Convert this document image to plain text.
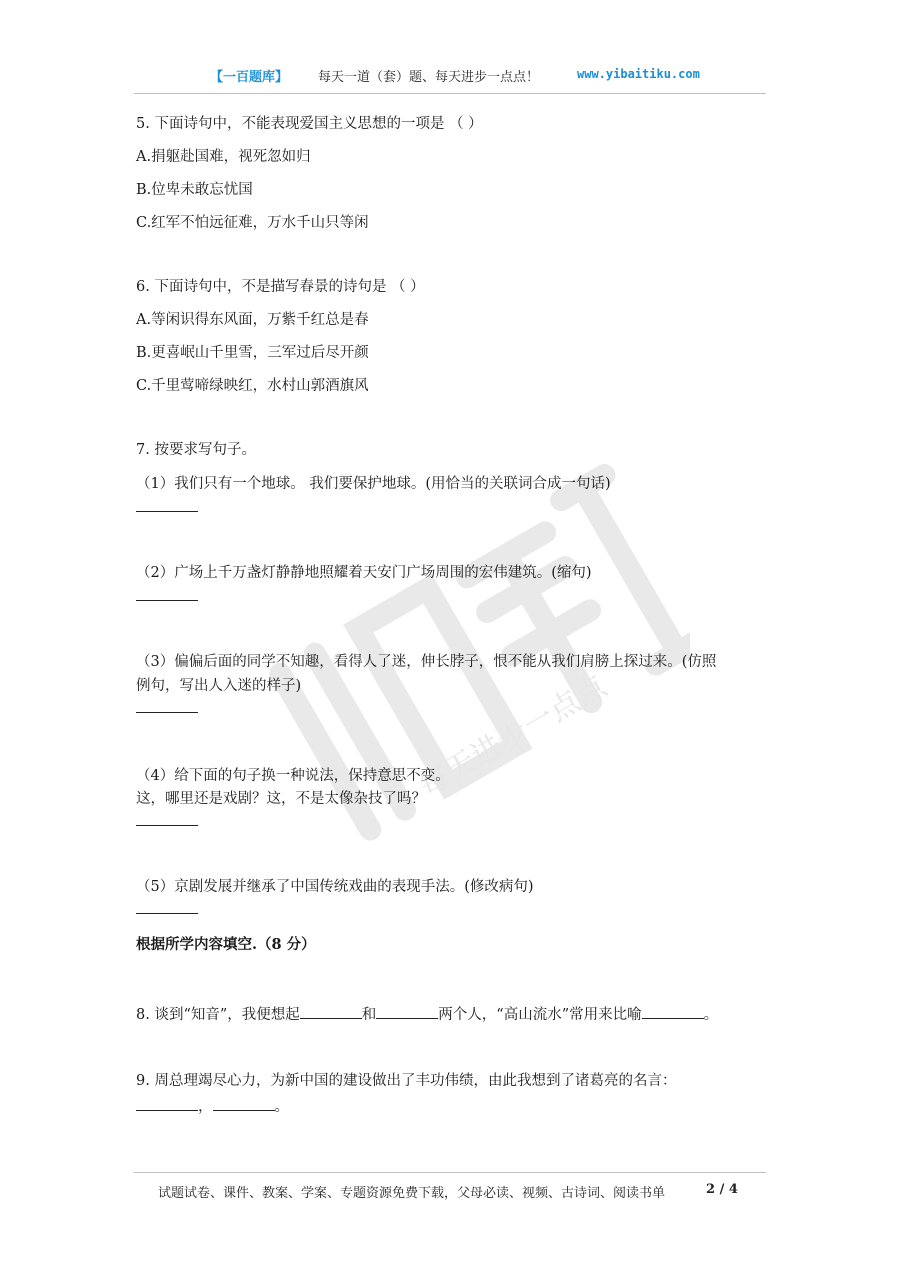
【一百题库】 每天一道（套）题、每天进步一点点！	www.yibaitiku.com
每天进步一点点
5. 下面诗句中，不能表现爱国主义思想的一项是 （ ）
A.捐躯赴国难，视死忽如归
B.位卑未敢忘忧国
C.红军不怕远征难，万水千山只等闲
6. 下面诗句中，不是描写春景的诗句是 （ ）
A.等闲识得东风面，万紫千红总是春
B.更喜岷山千里雪，三军过后尽开颜
C.千里莺啼绿映红，水村山郭酒旗风
7. 按要求写句子。
（1）我们只有一个地球。 我们要保护地球。(用恰当的关联词合成一句话)
（2）广场上千万盏灯静静地照耀着天安门广场周围的宏伟建筑。(缩句)
（3）偏偏后面的同学不知趣，看得人了迷，伸长脖子，恨不能从我们肩膀上探过来。(仿照
例句，写出人入迷的样子)
（4）给下面的句子换一种说法，保持意思不变。
这，哪里还是戏剧？这，不是太像杂技了吗？
（5）京剧发展并继承了中国传统戏曲的表现手法。(修改病句)
根据所学内容填空.（8 分）
8. 谈到“知音”，我便想起	和	两个人，“高山流水”常用来比喻	。
9. 周总理竭尽心力，为新中国的建设做出了丰功伟绩，由此我想到了诸葛亮的名言：
，	。
试题试卷、课件、教案、学案、专题资源免费下载，父母必读、视频、古诗词、阅读书单	2 / 4
